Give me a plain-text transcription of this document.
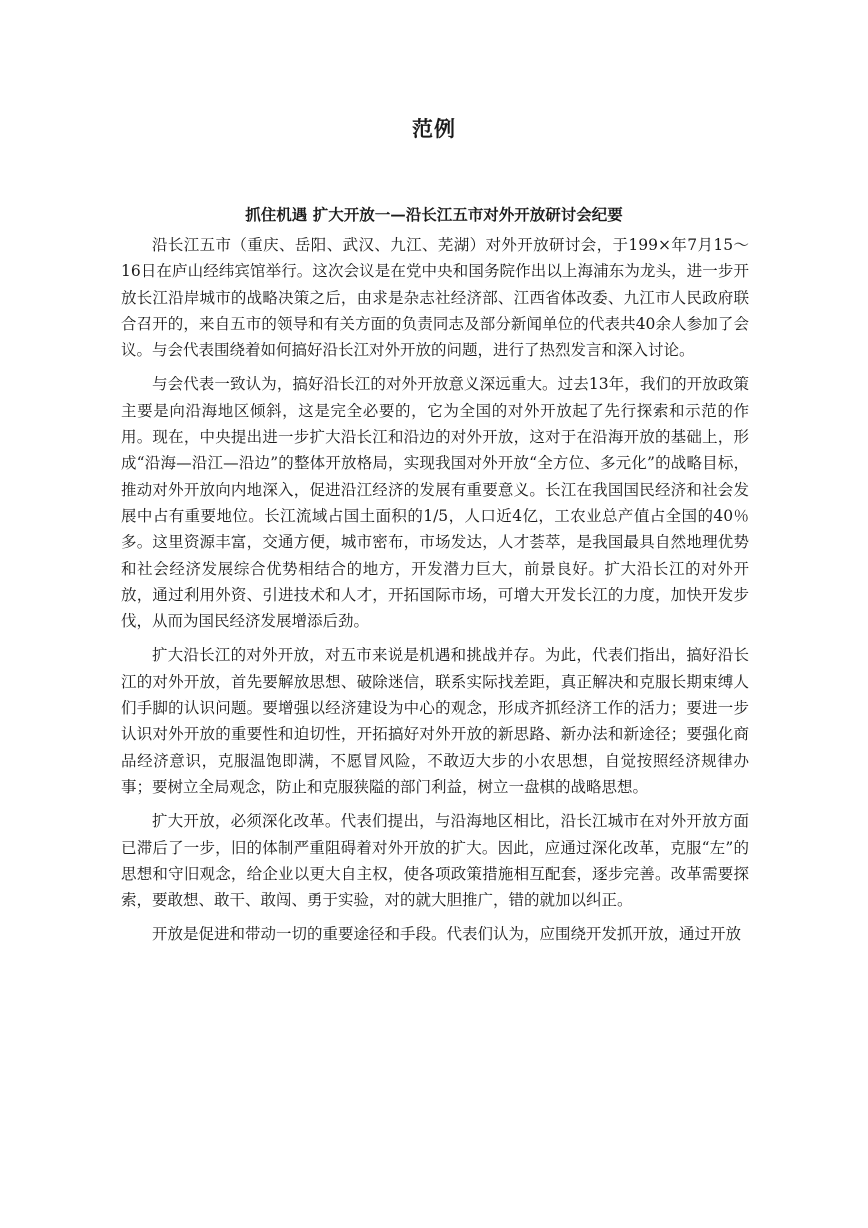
范例
抓住机遇 扩大开放一—沿长江五市对外开放研讨会纪要

沿长江五市（重庆、岳阳、武汉、九江、芜湖）对外开放研讨会，于199×年7月15～16日在庐山经纬宾馆举行。这次会议是在党中央和国务院作出以上海浦东为龙头，进一步开放长江沿岸城市的战略决策之后，由求是杂志社经济部、江西省体改委、九江市人民政府联合召开的，来自五市的领导和有关方面的负责同志及部分新闻单位的代表共40余人参加了会议。与会代表围绕着如何搞好沿长江对外开放的问题，进行了热烈发言和深入讨论。

与会代表一致认为，搞好沿长江的对外开放意义深远重大。过去13年，我们的开放政策主要是向沿海地区倾斜，这是完全必要的，它为全国的对外开放起了先行探索和示范的作用。现在，中央提出进一步扩大沿长江和沿边的对外开放，这对于在沿海开放的基础上，形成“沿海—沿江—沿边”的整体开放格局，实现我国对外开放“全方位、多元化”的战略目标，推动对外开放向内地深入，促进沿江经济的发展有重要意义。长江在我国国民经济和社会发展中占有重要地位。长江流域占国土面积的1/5，人口近4亿，工农业总产值占全国的40％多。这里资源丰富，交通方便，城市密布，市场发达，人才荟萃，是我国最具自然地理优势和社会经济发展综合优势相结合的地方，开发潜力巨大，前景良好。扩大沿长江的对外开放，通过利用外资、引进技术和人才，开拓国际市场，可增大开发长江的力度，加快开发步伐，从而为国民经济发展增添后劲。

扩大沿长江的对外开放，对五市来说是机遇和挑战并存。为此，代表们指出，搞好沿长江的对外开放，首先要解放思想、破除迷信，联系实际找差距，真正解决和克服长期束缚人们手脚的认识问题。要增强以经济建设为中心的观念，形成齐抓经济工作的活力；要进一步认识对外开放的重要性和迫切性，开拓搞好对外开放的新思路、新办法和新途径；要强化商品经济意识，克服温饱即满，不愿冒风险，不敢迈大步的小农思想，自觉按照经济规律办事；要树立全局观念，防止和克服狭隘的部门利益，树立一盘棋的战略思想。

扩大开放，必须深化改革。代表们提出，与沿海地区相比，沿长江城市在对外开放方面已滞后了一步，旧的体制严重阻碍着对外开放的扩大。因此，应通过深化改革，克服“左”的思想和守旧观念，给企业以更大自主权，使各项政策措施相互配套，逐步完善。改革需要探索，要敢想、敢干、敢闯、勇于实验，对的就大胆推广，错的就加以纠正。

开放是促进和带动一切的重要途径和手段。代表们认为，应围绕开发抓开放，通过开放
